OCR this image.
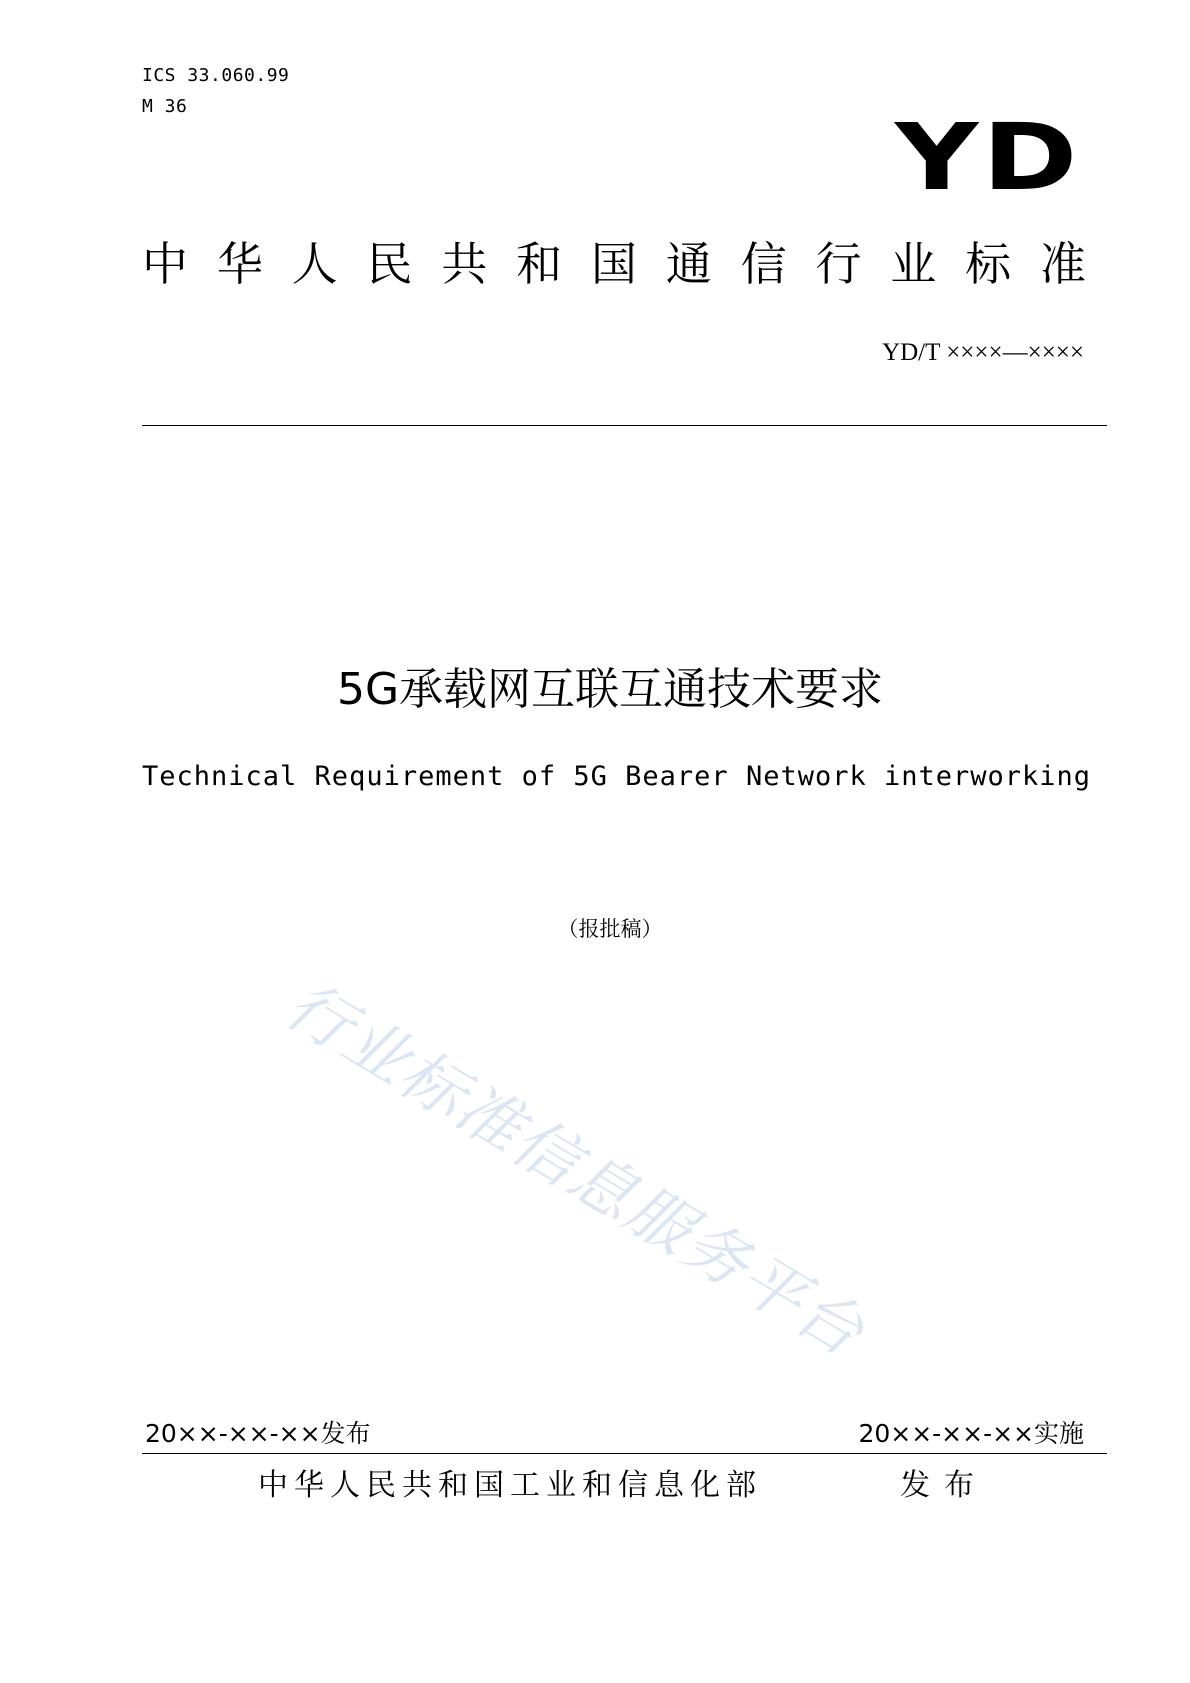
ICS 33.060.99
M 36	YD
中 华 人 民 共 和 国 通 信 行 业 标 准
YD/T ××××—××××
5G承载网互联互通技术要求
Technical Requirement of 5G Bearer Network interworking
（报批稿）
行业标准信息服务平台
20××-××-××发布	20××-××-××实施
中华人民共和国工业和信息化部	发布
